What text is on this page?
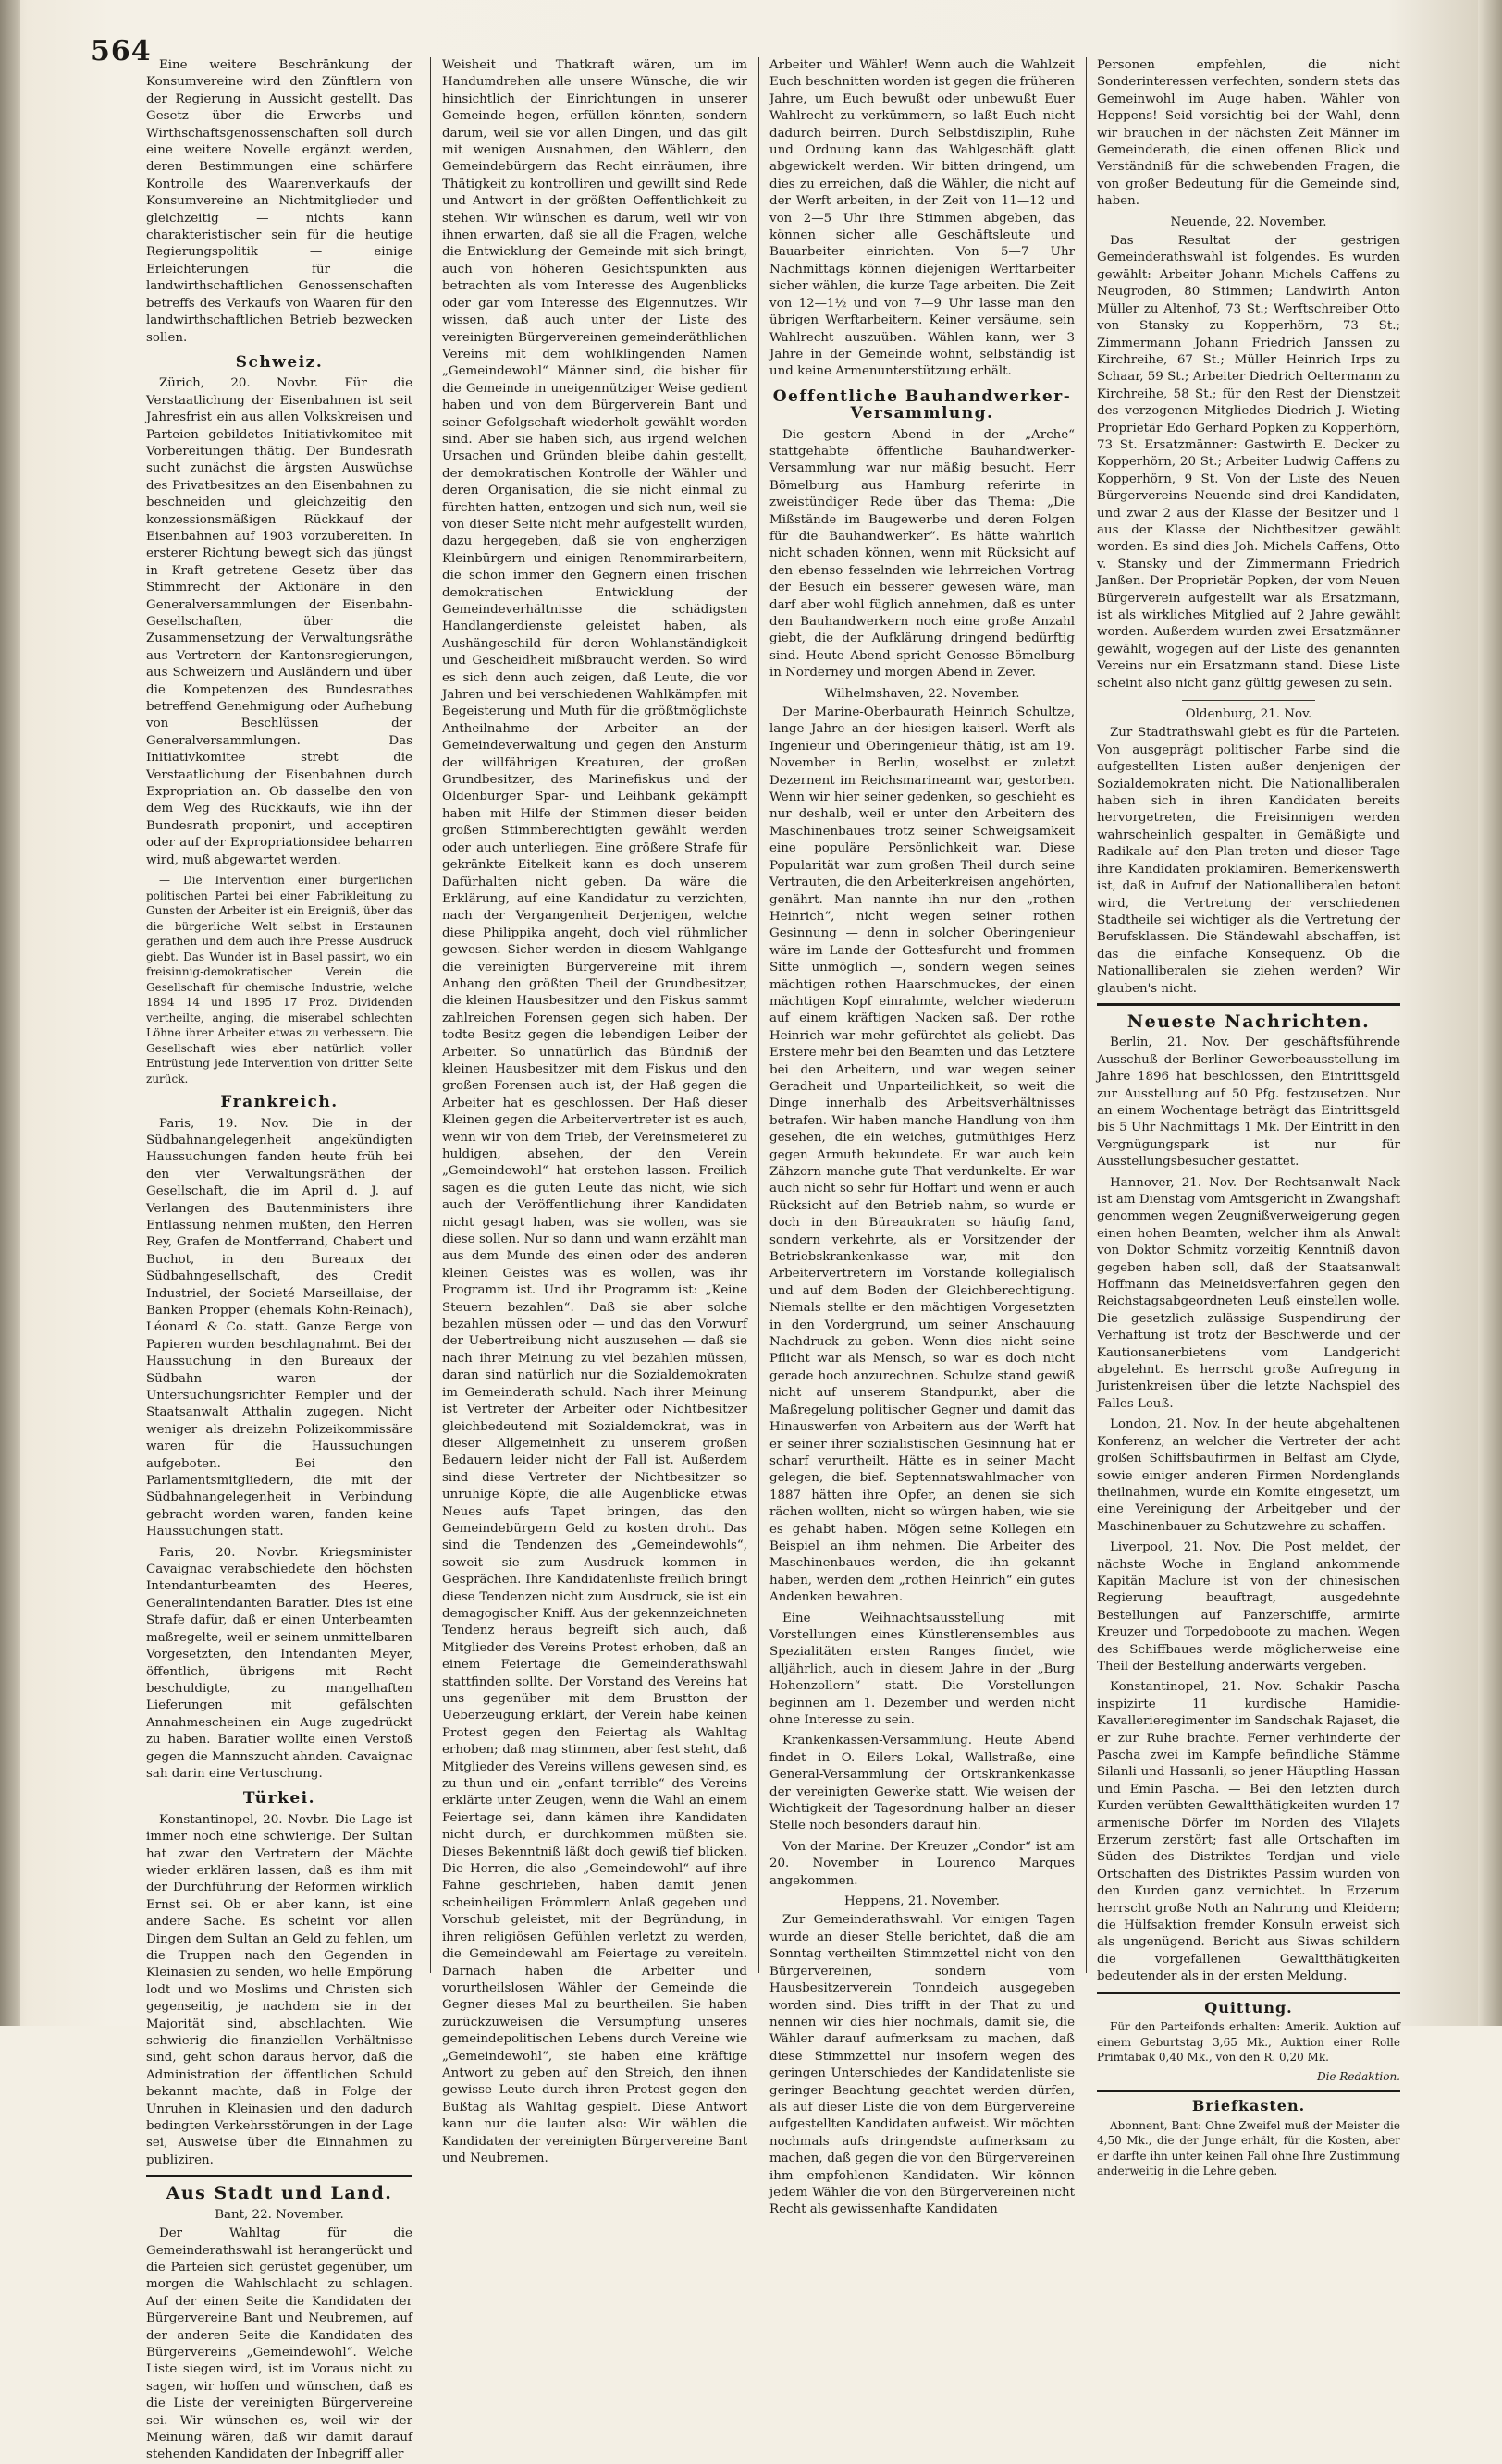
564 Eine weitere Beschränkung der Konsumvereine wird den Zünftlern von der Regierung in Aussicht gestellt. Das Gesetz über die Erwerbs- und Wirthschaftsgenossenschaften soll durch eine weitere Novelle ergänzt werden, deren Bestimmungen eine schärfere Kontrolle des Waarenverkaufs der Konsumvereine an Nichtmitglieder und gleichzeitig — nichts kann charakteristischer sein für die heutige Regierungspolitik — einige Erleichterungen für die landwirthschaftlichen Genossenschaften betreffs des Verkaufs von Waaren für den landwirthschaftlichen Betrieb bezwecken sollen.

Schweiz.

Zürich, 20. Novbr. Für die Verstaatlichung der Eisenbahnen ist seit Jahresfrist ein aus allen Volkskreisen und Parteien gebildetes Initiativkomitee mit Vorbereitungen thätig. Der Bundesrath sucht zunächst die ärgsten Auswüchse des Privatbesitzes an den Eisenbahnen zu beschneiden und gleichzeitig den konzessionsmäßigen Rückkauf der Eisenbahnen auf 1903 vorzubereiten. In ersterer Richtung bewegt sich das jüngst in Kraft getretene Gesetz über das Stimmrecht der Aktionäre in den Generalversammlungen der Eisenbahn-Gesellschaften, über die Zusammensetzung der Verwaltungsräthe aus Vertretern der Kantonsregierungen, aus Schweizern und Ausländern und über die Kompetenzen des Bundesrathes betreffend Genehmigung oder Aufhebung von Beschlüssen der Generalversammlungen. Das Initiativkomitee strebt die Verstaatlichung der Eisenbahnen durch Expropriation an. Ob dasselbe den von dem Weg des Rückkaufs, wie ihn der Bundesrath proponirt, und acceptiren oder auf der Expropriationsidee beharren wird, muß abgewartet werden.

— Die Intervention einer bürgerlichen politischen Partei bei einer Fabrikleitung zu Gunsten der Arbeiter ist ein Ereigniß, über das die bürgerliche Welt selbst in Erstaunen gerathen und dem auch ihre Presse Ausdruck giebt. Das Wunder ist in Basel passirt, wo ein freisinnig-demokratischer Verein die Gesellschaft für chemische Industrie, welche 1894 14 und 1895 17 Proz. Dividenden vertheilte, anging, die miserabel schlechten Löhne ihrer Arbeiter etwas zu verbessern. Die Gesellschaft wies aber natürlich voller Entrüstung jede Intervention von dritter Seite zurück.

Frankreich.

Paris, 19. Nov. Die in der Südbahnangelegenheit angekündigten Haussuchungen fanden heute früh bei den vier Verwaltungsräthen der Gesellschaft, die im April d. J. auf Verlangen des Bautenministers ihre Entlassung nehmen mußten, den Herren Rey, Grafen de Montferrand, Chabert und Buchot, in den Bureaux der Südbahngesellschaft, des Credit Industriel, der Societé Marseillaise, der Banken Propper (ehemals Kohn-Reinach), Léonard & Co. statt. Ganze Berge von Papieren wurden beschlagnahmt. Bei der Haussuchung in den Bureaux der Südbahn waren der Untersuchungsrichter Rempler und der Staatsanwalt Atthalin zugegen. Nicht weniger als dreizehn Polizeikommissäre waren für die Haussuchungen aufgeboten. Bei den Parlamentsmitgliedern, die mit der Südbahnangelegenheit in Verbindung gebracht worden waren, fanden keine Haussuchungen statt.

Paris, 20. Novbr. Kriegsminister Cavaignac verabschiedete den höchsten Intendanturbeamten des Heeres, Generalintendanten Baratier. Dies ist eine Strafe dafür, daß er einen Unterbeamten maßregelte, weil er seinem unmittelbaren Vorgesetzten, den Intendanten Meyer, öffentlich, übrigens mit Recht beschuldigte, zu mangelhaften Lieferungen mit gefälschten Annahmescheinen ein Auge zugedrückt zu haben. Baratier wollte einen Verstoß gegen die Mannszucht ahnden. Cavaignac sah darin eine Vertuschung.

Türkei.

Konstantinopel, 20. Novbr. Die Lage ist immer noch eine schwierige. Der Sultan hat zwar den Vertretern der Mächte wieder erklären lassen, daß es ihm mit der Durchführung der Reformen wirklich Ernst sei. Ob er aber kann, ist eine andere Sache. Es scheint vor allen Dingen dem Sultan an Geld zu fehlen, um die Truppen nach den Gegenden in Kleinasien zu senden, wo helle Empörung lodt und wo Moslims und Christen sich gegenseitig, je nachdem sie in der Majorität sind, abschlachten. Wie schwierig die finanziellen Verhältnisse sind, geht schon daraus hervor, daß die Administration der öffentlichen Schuld bekannt machte, daß in Folge der Unruhen in Kleinasien und den dadurch bedingten Verkehrsstörungen in der Lage sei, Ausweise über die Einnahmen zu publiziren.

Aus Stadt und Land.
Bant, 22. November.

Der Wahltag für die Gemeinderathswahl ist herangerückt und die Parteien sich gerüstet gegenüber, um morgen die Wahlschlacht zu schlagen. Auf der einen Seite die Kandidaten der Bürgervereine Bant und Neubremen, auf der anderen Seite die Kandidaten des Bürgervereins „Gemeindewohl“. Welche Liste siegen wird, ist im Voraus nicht zu sagen, wir hoffen und wünschen, daß es die Liste der vereinigten Bürgervereine sei. Wir wünschen es, weil wir der Meinung wären, daß wir damit darauf stehenden Kandidaten der Inbegriff aller

Weisheit und Thatkraft wären, um im Handumdrehen alle unsere Wünsche, die wir hinsichtlich der Einrichtungen in unserer Gemeinde hegen, erfüllen könnten, sondern darum, weil sie vor allen Dingen, und das gilt mit wenigen Ausnahmen, den Wählern, den Gemeindebürgern das Recht einräumen, ihre Thätigkeit zu kontrolliren und gewillt sind Rede und Antwort in der größten Oeffentlichkeit zu stehen. Wir wünschen es darum, weil wir von ihnen erwarten, daß sie all die Fragen, welche die Entwicklung der Gemeinde mit sich bringt, auch von höheren Gesichtspunkten aus betrachten als vom Interesse des Augenblicks oder gar vom Interesse des Eigennutzes. Wir wissen, daß auch unter der Liste des vereinigten Bürgervereinen gemeinderäthlichen Vereins mit dem wohlklingenden Namen „Gemeindewohl“ Männer sind, die bisher für die Gemeinde in uneigennütziger Weise gedient haben und von dem Bürgerverein Bant und seiner Gefolgschaft wiederholt gewählt worden sind. Aber sie haben sich, aus irgend welchen Ursachen und Gründen bleibe dahin gestellt, der demokratischen Kontrolle der Wähler und deren Organisation, die sie nicht einmal zu fürchten hatten, entzogen und sich nun, weil sie von dieser Seite nicht mehr aufgestellt wurden, dazu hergegeben, daß sie von engherzigen Kleinbürgern und einigen Renommirarbeitern, die schon immer den Gegnern einen frischen demokratischen Entwicklung der Gemeindeverhältnisse die schädigsten Handlangerdienste geleistet haben, als Aushängeschild für deren Wohlanständigkeit und Gescheidheit mißbraucht werden. So wird es sich denn auch zeigen, daß Leute, die vor Jahren und bei verschiedenen Wahlkämpfen mit Begeisterung und Muth für die größtmöglichste Antheilnahme der Arbeiter an der Gemeindeverwaltung und gegen den Ansturm der willfährigen Kreaturen, der großen Grundbesitzer, des Marinefiskus und der Oldenburger Spar- und Leihbank gekämpft haben mit Hilfe der Stimmen dieser beiden großen Stimmberechtigten gewählt werden oder auch unterliegen. Eine größere Strafe für gekränkte Eitelkeit kann es doch unserem Dafürhalten nicht geben. Da wäre die Erklärung, auf eine Kandidatur zu verzichten, nach der Vergangenheit Derjenigen, welche diese Philippika angeht, doch viel rühmlicher gewesen. Sicher werden in diesem Wahlgange die vereinigten Bürgervereine mit ihrem Anhang den größten Theil der Grundbesitzer, die kleinen Hausbesitzer und den Fiskus sammt zahlreichen Forensen gegen sich haben. Der todte Besitz gegen die lebendigen Leiber der Arbeiter. So unnatürlich das Bündniß der kleinen Hausbesitzer mit dem Fiskus und den großen Forensen auch ist, der Haß gegen die Arbeiter hat es geschlossen. Der Haß dieser Kleinen gegen die Arbeitervertreter ist es auch, wenn wir von dem Trieb, der Vereinsmeierei zu huldigen, absehen, der den Verein „Gemeindewohl“ hat erstehen lassen. Freilich sagen es die guten Leute das nicht, wie sich auch der Veröffentlichung ihrer Kandidaten nicht gesagt haben, was sie wollen, was sie diese sollen. Nur so dann und wann erzählt man aus dem Munde des einen oder des anderen kleinen Geistes was es wollen, was ihr Programm ist. Und ihr Programm ist: „Keine Steuern bezahlen“. Daß sie aber solche bezahlen müssen oder — und das den Vorwurf der Uebertreibung nicht auszusehen — daß sie nach ihrer Meinung zu viel bezahlen müssen, daran sind natürlich nur die Sozialdemokraten im Gemeinderath schuld. Nach ihrer Meinung ist Vertreter der Arbeiter oder Nichtbesitzer gleichbedeutend mit Sozialdemokrat, was in dieser Allgemeinheit zu unserem großen Bedauern leider nicht der Fall ist. Außerdem sind diese Vertreter der Nichtbesitzer so unruhige Köpfe, die alle Augenblicke etwas Neues aufs Tapet bringen, das den Gemeindebürgern Geld zu kosten droht. Das sind die Tendenzen des „Gemeindewohls“, soweit sie zum Ausdruck kommen in Gesprächen. Ihre Kandidatenliste freilich bringt diese Tendenzen nicht zum Ausdruck, sie ist ein demagogischer Kniff. Aus der gekennzeichneten Tendenz heraus begreift sich auch, daß Mitglieder des Vereins Protest erhoben, daß an einem Feiertage die Gemeinderathswahl stattfinden sollte. Der Vorstand des Vereins hat uns gegenüber mit dem Brustton der Ueberzeugung erklärt, der Verein habe keinen Protest gegen den Feiertag als Wahltag erhoben; daß mag stimmen, aber fest steht, daß Mitglieder des Vereins willens gewesen sind, es zu thun und ein „enfant terrible“ des Vereins erklärte unter Zeugen, wenn die Wahl an einem Feiertage sei, dann kämen ihre Kandidaten nicht durch, er durchkommen müßten sie. Dieses Bekenntniß läßt doch gewiß tief blicken. Die Herren, die also „Gemeindewohl“ auf ihre Fahne geschrieben, haben damit jenen scheinheiligen Frömmlern Anlaß gegeben und Vorschub geleistet, mit der Begründung, in ihren religiösen Gefühlen verletzt zu werden, die Gemeindewahl am Feiertage zu vereiteln. Darnach haben die Arbeiter und vorurtheilslosen Wähler der Gemeinde die Gegner dieses Mal zu beurtheilen. Sie haben zurückzuweisen die Versumpfung unseres gemeindepolitischen Lebens durch Vereine wie „Gemeindewohl“, sie haben eine kräftige Antwort zu geben auf den Streich, den ihnen gewisse Leute durch ihren Protest gegen den Bußtag als Wahltag gespielt. Diese Antwort kann nur die lauten also: Wir wählen die Kandidaten der vereinigten Bürgervereine Bant und Neubremen.

Arbeiter und Wähler! Wenn auch die Wahlzeit Euch beschnitten worden ist gegen die früheren Jahre, um Euch bewußt oder unbewußt Euer Wahlrecht zu verkümmern, so laßt Euch nicht dadurch beirren. Durch Selbstdisziplin, Ruhe und Ordnung kann das Wahlgeschäft glatt abgewickelt werden. Wir bitten dringend, um dies zu erreichen, daß die Wähler, die nicht auf der Werft arbeiten, in der Zeit von 11—12 und von 2—5 Uhr ihre Stimmen abgeben, das können sicher alle Geschäftsleute und Bauarbeiter einrichten. Von 5—7 Uhr Nachmittags können diejenigen Werftarbeiter sicher wählen, die kurze Tage arbeiten. Die Zeit von 12—1½ und von 7—9 Uhr lasse man den übrigen Werftarbeitern. Keiner versäume, sein Wahlrecht auszuüben. Wählen kann, wer 3 Jahre in der Gemeinde wohnt, selbständig ist und keine Armenunterstützung erhält.

Oeffentliche Bauhandwerker-Versammlung.

Die gestern Abend in der „Arche“ stattgehabte öffentliche Bauhandwerker-Versammlung war nur mäßig besucht. Herr Bömelburg aus Hamburg referirte in zweistündiger Rede über das Thema: „Die Mißstände im Baugewerbe und deren Folgen für die Bauhandwerker“. Es hätte wahrlich nicht schaden können, wenn mit Rücksicht auf den ebenso fesselnden wie lehrreichen Vortrag der Besuch ein besserer gewesen wäre, man darf aber wohl füglich annehmen, daß es unter den Bauhandwerkern noch eine große Anzahl giebt, die der Aufklärung dringend bedürftig sind. Heute Abend spricht Genosse Bömelburg in Norderney und morgen Abend in Zever.

Wilhelmshaven, 22. November.

Der Marine-Oberbaurath Heinrich Schultze, lange Jahre an der hiesigen kaiserl. Werft als Ingenieur und Oberingenieur thätig, ist am 19. November in Berlin, woselbst er zuletzt Dezernent im Reichsmarineamt war, gestorben. Wenn wir hier seiner gedenken, so geschieht es nur deshalb, weil er unter den Arbeitern des Maschinenbaues trotz seiner Schweigsamkeit eine populäre Persönlichkeit war. Diese Popularität war zum großen Theil durch seine Vertrauten, die den Arbeiterkreisen angehörten, genährt. Man nannte ihn nur den „rothen Heinrich“, nicht wegen seiner rothen Gesinnung — denn in solcher Oberingenieur wäre im Lande der Gottesfurcht und frommen Sitte unmöglich —, sondern wegen seines mächtigen rothen Haarschmuckes, der einen mächtigen Kopf einrahmte, welcher wiederum auf einem kräftigen Nacken saß. Der rothe Heinrich war mehr gefürchtet als geliebt. Das Erstere mehr bei den Beamten und das Letztere bei den Arbeitern, und war wegen seiner Geradheit und Unparteilichkeit, so weit die Dinge innerhalb des Arbeitsverhältnisses betrafen. Wir haben manche Handlung von ihm gesehen, die ein weiches, gutmüthiges Herz gegen Armuth bekundete. Er war auch kein Zähzorn manche gute That verdunkelte. Er war auch nicht so sehr für Hoffart und wenn er auch Rücksicht auf den Betrieb nahm, so wurde er doch in den Büreaukraten so häufig fand, sondern verkehrte, als er Vorsitzender der Betriebskrankenkasse war, mit den Arbeitervertretern im Vorstande kollegialisch und auf dem Boden der Gleichberechtigung. Niemals stellte er den mächtigen Vorgesetzten in den Vordergrund, um seiner Anschauung Nachdruck zu geben. Wenn dies nicht seine Pflicht war als Mensch, so war es doch nicht gerade hoch anzurechnen. Schulze stand gewiß nicht auf unserem Standpunkt, aber die Maßregelung politischer Gegner und damit das Hinauswerfen von Arbeitern aus der Werft hat er seiner ihrer sozialistischen Gesinnung hat er scharf verurtheilt. Hätte es in seiner Macht gelegen, die bief. Septennatswahlmacher von 1887 hätten ihre Opfer, an denen sie sich rächen wollten, nicht so würgen haben, wie sie es gehabt haben. Mögen seine Kollegen ein Beispiel an ihm nehmen. Die Arbeiter des Maschinenbaues werden, die ihn gekannt haben, werden dem „rothen Heinrich“ ein gutes Andenken bewahren.

Eine Weihnachtsausstellung mit Vorstellungen eines Künstlerensembles aus Spezialitäten ersten Ranges findet, wie alljährlich, auch in diesem Jahre in der „Burg Hohenzollern“ statt. Die Vorstellungen beginnen am 1. Dezember und werden nicht ohne Interesse zu sein.

Krankenkassen-Versammlung. Heute Abend findet in O. Eilers Lokal, Wallstraße, eine General-Versammlung der Ortskrankenkasse der vereinigten Gewerke statt. Wie weisen der Wichtigkeit der Tagesordnung halber an dieser Stelle noch besonders darauf hin.

Von der Marine. Der Kreuzer „Condor“ ist am 20. November in Lourenco Marques angekommen.

Heppens, 21. November.

Zur Gemeinderathswahl. Vor einigen Tagen wurde an dieser Stelle berichtet, daß die am Sonntag vertheilten Stimmzettel nicht von den Bürgervereinen, sondern vom Hausbesitzerverein Tonndeich ausgegeben worden sind. Dies trifft in der That zu und nennen wir dies hier nochmals, damit sie, die Wähler darauf aufmerksam zu machen, daß diese Stimmzettel nur insofern wegen des geringen Unterschiedes der Kandidatenliste sie geringer Beachtung geachtet werden dürfen, als auf dieser Liste die von dem Bürgervereine aufgestellten Kandidaten aufweist. Wir möchten nochmals aufs dringendste aufmerksam zu machen, daß gegen die von den Bürgervereinen ihm empfohlenen Kandidaten. Wir können jedem Wähler die von den Bürgervereinen nicht Recht als gewissenhafte Kandidaten

Personen empfehlen, die nicht Sonderinteressen verfechten, sondern stets das Gemeinwohl im Auge haben. Wähler von Heppens! Seid vorsichtig bei der Wahl, denn wir brauchen in der nächsten Zeit Männer im Gemeinderath, die einen offenen Blick und Verständniß für die schwebenden Fragen, die von großer Bedeutung für die Gemeinde sind, haben.

Neuende, 22. November.

Das Resultat der gestrigen Gemeinderathswahl ist folgendes. Es wurden gewählt: Arbeiter Johann Michels Caffens zu Neugroden, 80 Stimmen; Landwirth Anton Müller zu Altenhof, 73 St.; Werftschreiber Otto von Stansky zu Kopperhörn, 73 St.; Zimmermann Johann Friedrich Janssen zu Kirchreihe, 67 St.; Müller Heinrich Irps zu Schaar, 59 St.; Arbeiter Diedrich Oeltermann zu Kirchreihe, 58 St.; für den Rest der Dienstzeit des verzogenen Mitgliedes Diedrich J. Wieting Proprietär Edo Gerhard Popken zu Kopperhörn, 73 St. Ersatzmänner: Gastwirth E. Decker zu Kopperhörn, 20 St.; Arbeiter Ludwig Caffens zu Kopperhörn, 9 St. Von der Liste des Neuen Bürgervereins Neuende sind drei Kandidaten, und zwar 2 aus der Klasse der Besitzer und 1 aus der Klasse der Nichtbesitzer gewählt worden. Es sind dies Joh. Michels Caffens, Otto v. Stansky und der Zimmermann Friedrich Janßen. Der Proprietär Popken, der vom Neuen Bürgerverein aufgestellt war als Ersatzmann, ist als wirkliches Mitglied auf 2 Jahre gewählt worden. Außerdem wurden zwei Ersatzmänner gewählt, wogegen auf der Liste des genannten Vereins nur ein Ersatzmann stand. Diese Liste scheint also nicht ganz gültig gewesen zu sein.

Oldenburg, 21. Nov.

Zur Stadtrathswahl giebt es für die Parteien. Von ausgeprägt politischer Farbe sind die aufgestellten Listen außer denjenigen der Sozialdemokraten nicht. Die Nationalliberalen haben sich in ihren Kandidaten bereits hervorgetreten, die Freisinnigen werden wahrscheinlich gespalten in Gemäßigte und Radikale auf den Plan treten und dieser Tage ihre Kandidaten proklamiren. Bemerkenswerth ist, daß in Aufruf der Nationalliberalen betont wird, die Vertretung der verschiedenen Stadtheile sei wichtiger als die Vertretung der Berufsklassen. Die Ständewahl abschaffen, ist das die einfache Konsequenz. Ob die Nationalliberalen sie ziehen werden? Wir glauben's nicht.

Neueste Nachrichten.

Berlin, 21. Nov. Der geschäftsführende Ausschuß der Berliner Gewerbeausstellung im Jahre 1896 hat beschlossen, den Eintrittsgeld zur Ausstellung auf 50 Pfg. festzusetzen. Nur an einem Wochentage beträgt das Eintrittsgeld bis 5 Uhr Nachmittags 1 Mk. Der Eintritt in den Vergnügungspark ist nur für Ausstellungsbesucher gestattet.

Hannover, 21. Nov. Der Rechtsanwalt Nack ist am Dienstag vom Amtsgericht in Zwangshaft genommen wegen Zeugnißverweigerung gegen einen hohen Beamten, welcher ihm als Anwalt von Doktor Schmitz vorzeitig Kenntniß davon gegeben haben soll, daß der Staatsanwalt Hoffmann das Meineidsverfahren gegen den Reichstagsabgeordneten Leuß einstellen wolle. Die gesetzlich zulässige Suspendirung der Verhaftung ist trotz der Beschwerde und der Kautionsanerbietens vom Landgericht abgelehnt. Es herrscht große Aufregung in Juristenkreisen über die letzte Nachspiel des Falles Leuß.

London, 21. Nov. In der heute abgehaltenen Konferenz, an welcher die Vertreter der acht großen Schiffsbaufirmen in Belfast am Clyde, sowie einiger anderen Firmen Nordenglands theilnahmen, wurde ein Komite eingesetzt, um eine Vereinigung der Arbeitgeber und der Maschinenbauer zu Schutzwehre zu schaffen.

Liverpool, 21. Nov. Die Post meldet, der nächste Woche in England ankommende Kapitän Maclure ist von der chinesischen Regierung beauftragt, ausgedehnte Bestellungen auf Panzerschiffe, armirte Kreuzer und Torpedoboote zu machen. Wegen des Schiffbaues werde möglicherweise eine Theil der Bestellung anderwärts vergeben.

Konstantinopel, 21. Nov. Schakir Pascha inspizirte 11 kurdische Hamidie-Kavallerieregimenter im Sandschak Rajaset, die er zur Ruhe brachte. Ferner verhinderte der Pascha zwei im Kampfe befindliche Stämme Silanli und Hassanli, so jener Häuptling Hassan und Emin Pascha. — Bei den letzten durch Kurden verübten Gewaltthätigkeiten wurden 17 armenische Dörfer im Norden des Vilajets Erzerum zerstört; fast alle Ortschaften im Süden des Distriktes Terdjan und viele Ortschaften des Distriktes Passim wurden von den Kurden ganz vernichtet. In Erzerum herrscht große Noth an Nahrung und Kleidern; die Hülfsaktion fremder Konsuln erweist sich als ungenügend. Bericht aus Siwas schildern die vorgefallenen Gewaltthätigkeiten bedeutender als in der ersten Meldung.

Quittung.

Für den Parteifonds erhalten: Amerik. Auktion auf einem Geburtstag 3,65 Mk., Auktion einer Rolle Primtabak 0,40 Mk., von den R. 0,20 Mk.

Die Redaktion.
Briefkasten.

Abonnent, Bant: Ohne Zweifel muß der Meister die 4,50 Mk., die der Junge erhält, für die Kosten, aber er darfte ihn unter keinen Fall ohne Ihre Zustimmung anderweitig in die Lehre geben.
